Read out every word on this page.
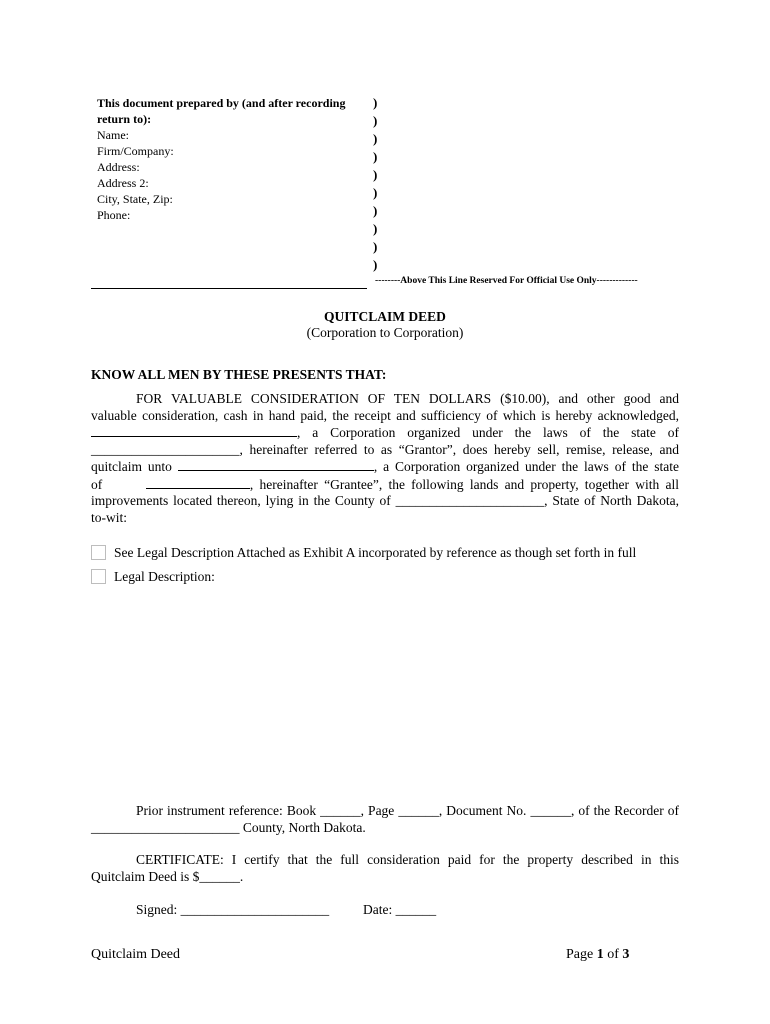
This document prepared by (and after recording
return to):
Name:
Firm/Company:
Address:
Address 2:
City, State, Zip:
Phone:
)
)
)
)
)
)
)
)
)
)
--------Above This Line Reserved For Official Use Only-------------
QUITCLAIM DEED
(Corporation to Corporation)
KNOW ALL MEN BY THESE PRESENTS THAT:
FOR VALUABLE CONSIDERATION OF TEN DOLLARS ($10.00), and other good and
valuable consideration, cash in hand paid, the receipt and sufficiency of which is hereby acknowledged,
, a Corporation organized under the laws of the state of
______________________, hereinafter referred to as “Grantor”, does hereby sell, remise, release, and
quitclaim unto	, a Corporation organized under the laws of the state
of	, hereinafter “Grantee”, the following lands and property, together with all
improvements located thereon, lying in the County of ______________________, State of North Dakota,
to-wit:
See Legal Description Attached as Exhibit A incorporated by reference as though set forth in full
Legal Description:
Prior instrument reference: Book ______, Page ______, Document No. ______, of the Recorder of
______________________ County, North Dakota.
CERTIFICATE: I certify that the full consideration paid for the property described in this
Quitclaim Deed is $______.
Signed: ______________________	Date: ______
Quitclaim Deed	Page 1 of 3
